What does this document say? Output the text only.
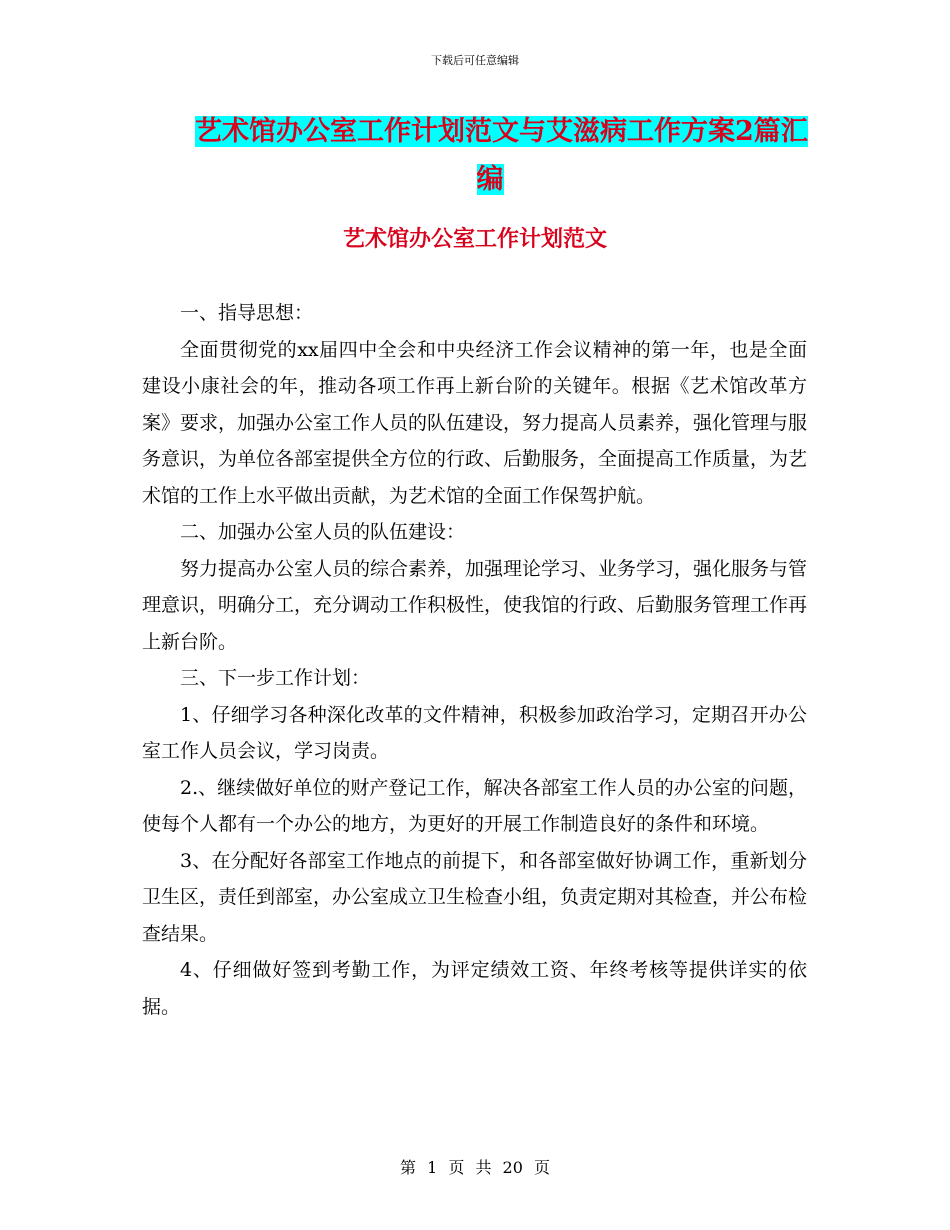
下载后可任意编辑
艺术馆办公室工作计划范文与艾滋病工作方案2篇汇
编
艺术馆办公室工作计划范文

一、指导思想：

全面贯彻党的xx届四中全会和中央经济工作会议精神的第一年，也是全面建设小康社会的年，推动各项工作再上新台阶的关键年。根据《艺术馆改革方案》要求，加强办公室工作人员的队伍建设，努力提高人员素养，强化管理与服务意识，为单位各部室提供全方位的行政、后勤服务，全面提高工作质量，为艺术馆的工作上水平做出贡献，为艺术馆的全面工作保驾护航。

二、加强办公室人员的队伍建设：

努力提高办公室人员的综合素养，加强理论学习、业务学习，强化服务与管理意识，明确分工，充分调动工作积极性，使我馆的行政、后勤服务管理工作再上新台阶。

三、下一步工作计划：

1、仔细学习各种深化改革的文件精神，积极参加政治学习，定期召开办公室工作人员会议，学习岗责。

2.、继续做好单位的财产登记工作，解决各部室工作人员的办公室的问题，使每个人都有一个办公的地方，为更好的开展工作制造良好的条件和环境。

3、在分配好各部室工作地点的前提下，和各部室做好协调工作，重新划分卫生区，责任到部室，办公室成立卫生检查小组，负责定期对其检查，并公布检查结果。

4、仔细做好签到考勤工作，为评定绩效工资、年终考核等提供详实的依据。

第 1 页 共 20 页
